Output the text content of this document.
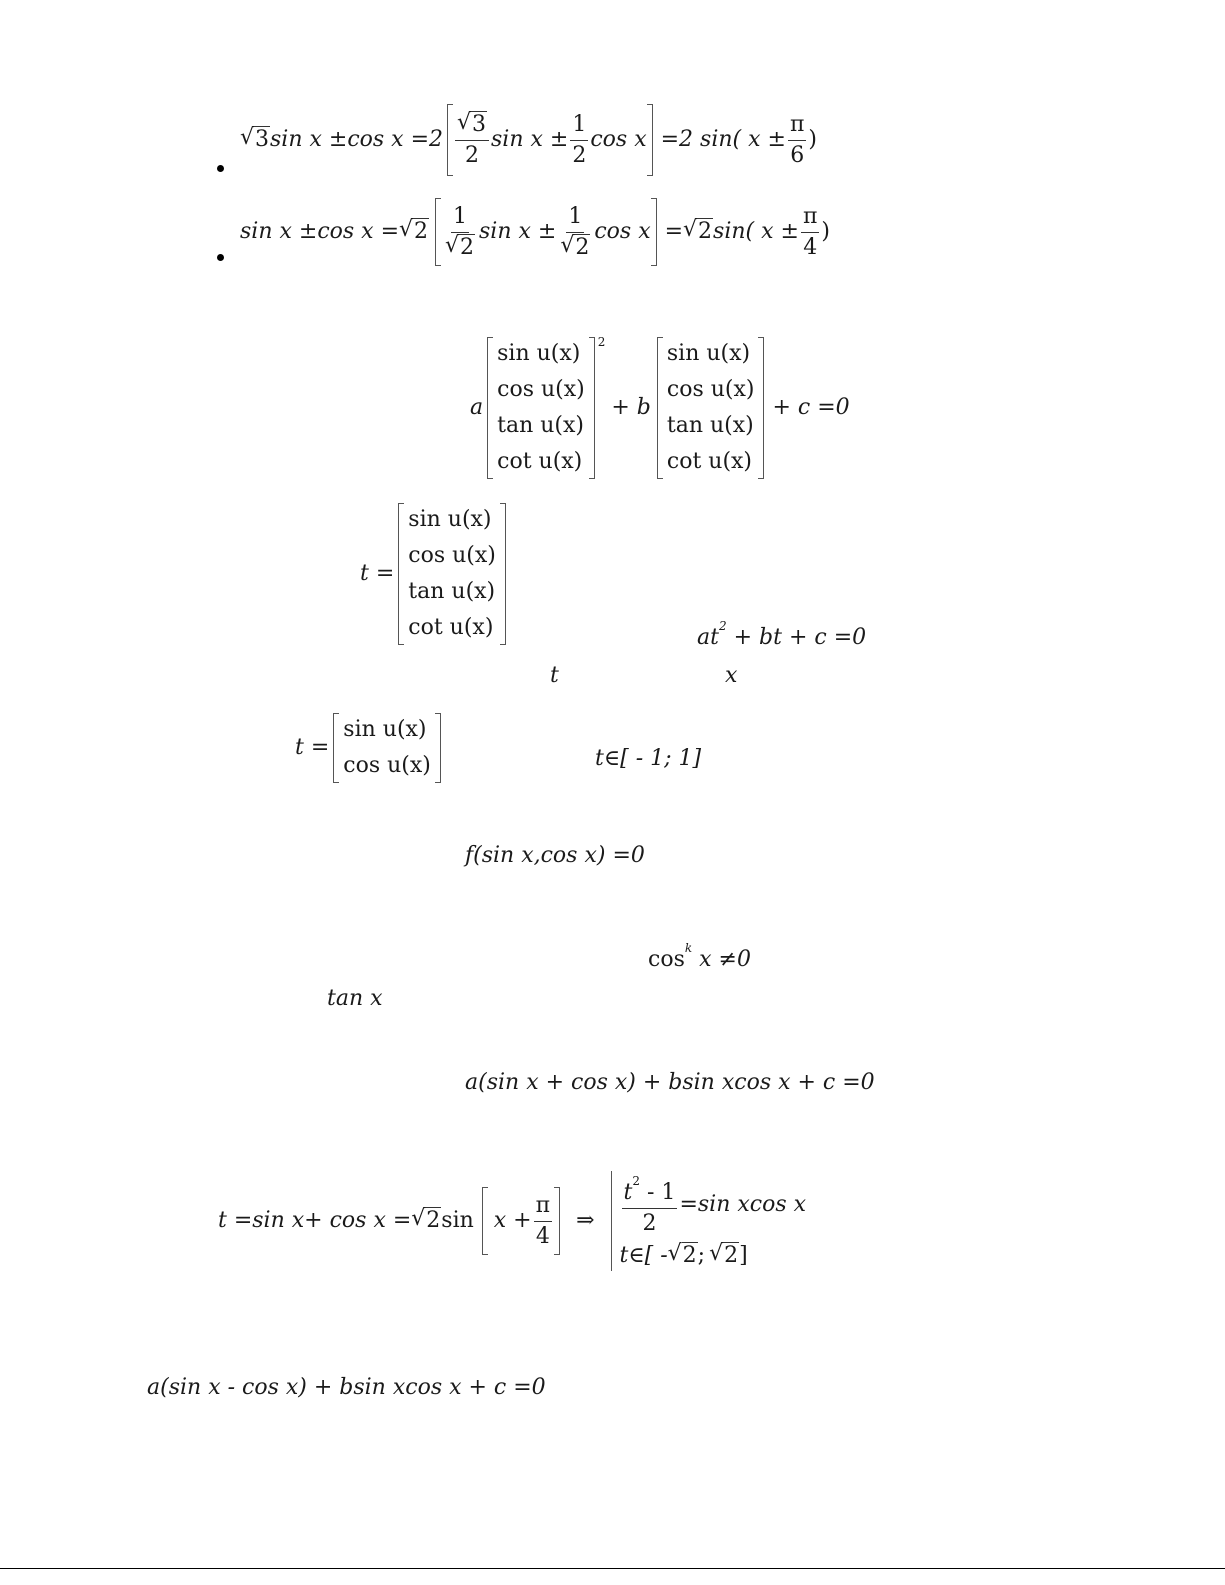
√ 3 sin x ±cos x =2 √ $\frac{3}{2}$ $\sin x \pm \frac{1}{2}$ cos x =2 sin( $x \pm \frac{\pi}{6}$ )
sin x ±cos x = √ 2 1
√ 2 sin x ± 1
√ 2 cos x = √ 2 sin( $x \pm \frac{\pi}{4}$ )
a
sin u(x)
cos u(x)
tan u(x)
cot u(x)
2
+ b
sin u(x)
cos u(x)
tan u(x)
cot u(x)
+ c =0
t =
sin u(x)
cos u(x)
tan u(x)
cot u(x)	$at^2$ + bt + c =0
t	x
t =
sin u(x)
cos u(x)	t∈[ - 1; 1]
f(sin x,cos x) =0
$\cos^k x \ne 0$
tan x
a(sin x + cos x) + bsin xcos x + c =0
t =sin x+ cos x = √ 2 $\sin x + \frac{\pi}{4}$ ⇒ $\frac{t^2 - 1}{2} =\sin$ xcos x
t∈[ - √ 2 ; √ 2 ]
a(sin x - cos x) + bsin xcos x + c =0
